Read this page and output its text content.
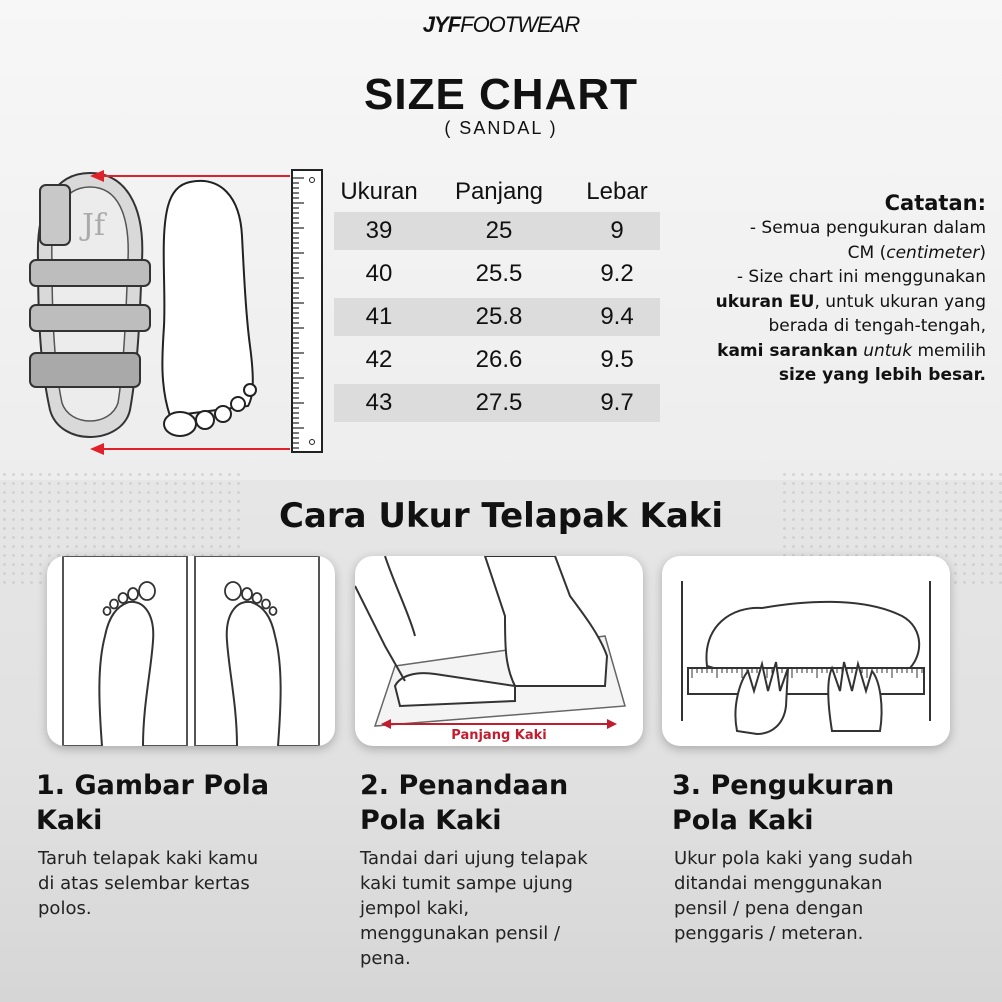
JYFFOOTWEAR
SIZE CHART
( SANDAL )
Jf
Ukuran	Panjang	Lebar
39	25	9
40	25.5	9.2
41	25.8	9.4
42	26.6	9.5
43	27.5	9.7
Catatan:
- Semua pengukuran dalam
CM (centimeter)
- Size chart ini menggunakan
ukuran EU, untuk ukuran yang
berada di tengah-tengah,
kami sarankan untuk memilih
size yang lebih besar.
Cara Ukur Telapak Kaki
Panjang Kaki
1. Gambar Pola
Kaki
2. Penandaan
Pola Kaki
3. Pengukuran
Pola Kaki
Taruh telapak kaki kamu
di atas selembar kertas
polos.
Tandai dari ujung telapak
kaki tumit sampe ujung
jempol kaki,
menggunakan pensil /
pena.
Ukur pola kaki yang sudah
ditandai menggunakan
pensil / pena dengan
penggaris / meteran.
